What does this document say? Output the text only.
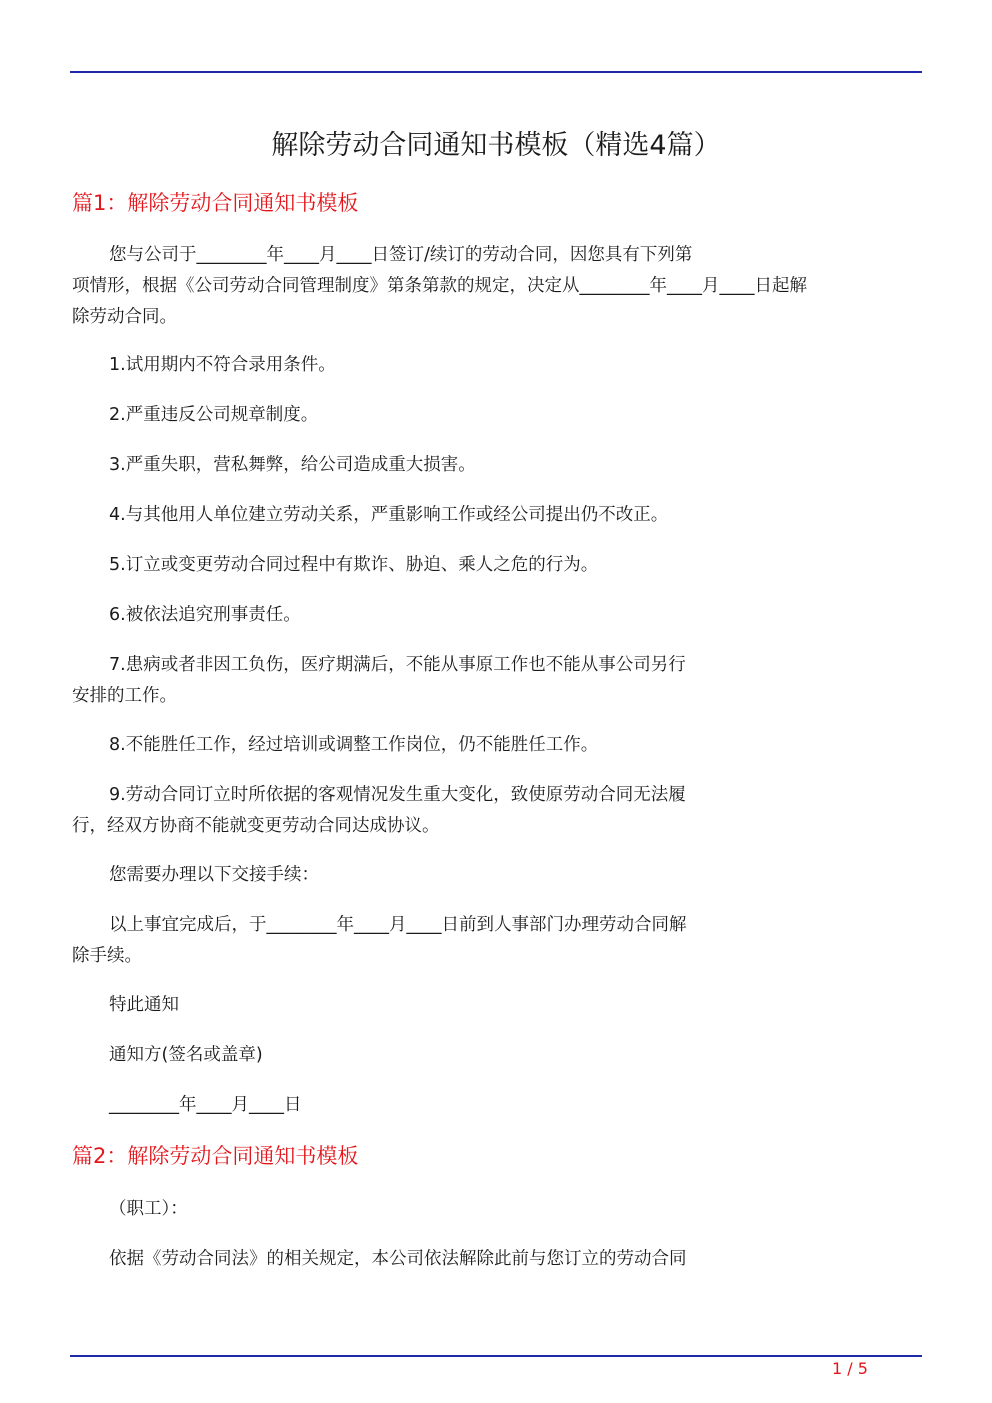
解除劳动合同通知书模板（精选4篇）
篇1：解除劳动合同通知书模板

您与公司于________年____月____日签订/续订的劳动合同，因您具有下列第
项情形，根据《公司劳动合同管理制度》第条第款的规定，决定从________年____月____日起解
除劳动合同。

1.试用期内不符合录用条件。

2.严重违反公司规章制度。

3.严重失职，营私舞弊，给公司造成重大损害。

4.与其他用人单位建立劳动关系，严重影响工作或经公司提出仍不改正。

5.订立或变更劳动合同过程中有欺诈、胁迫、乘人之危的行为。

6.被依法追究刑事责任。

7.患病或者非因工负伤，医疗期满后，不能从事原工作也不能从事公司另行
安排的工作。

8.不能胜任工作，经过培训或调整工作岗位，仍不能胜任工作。

9.劳动合同订立时所依据的客观情况发生重大变化，致使原劳动合同无法履
行，经双方协商不能就变更劳动合同达成协议。

您需要办理以下交接手续：

以上事宜完成后，于________年____月____日前到人事部门办理劳动合同解
除手续。

特此通知

通知方(签名或盖章)

________年____月____日

篇2：解除劳动合同通知书模板

（职工）：

依据《劳动合同法》的相关规定，本公司依法解除此前与您订立的劳动合同

1 / 5
